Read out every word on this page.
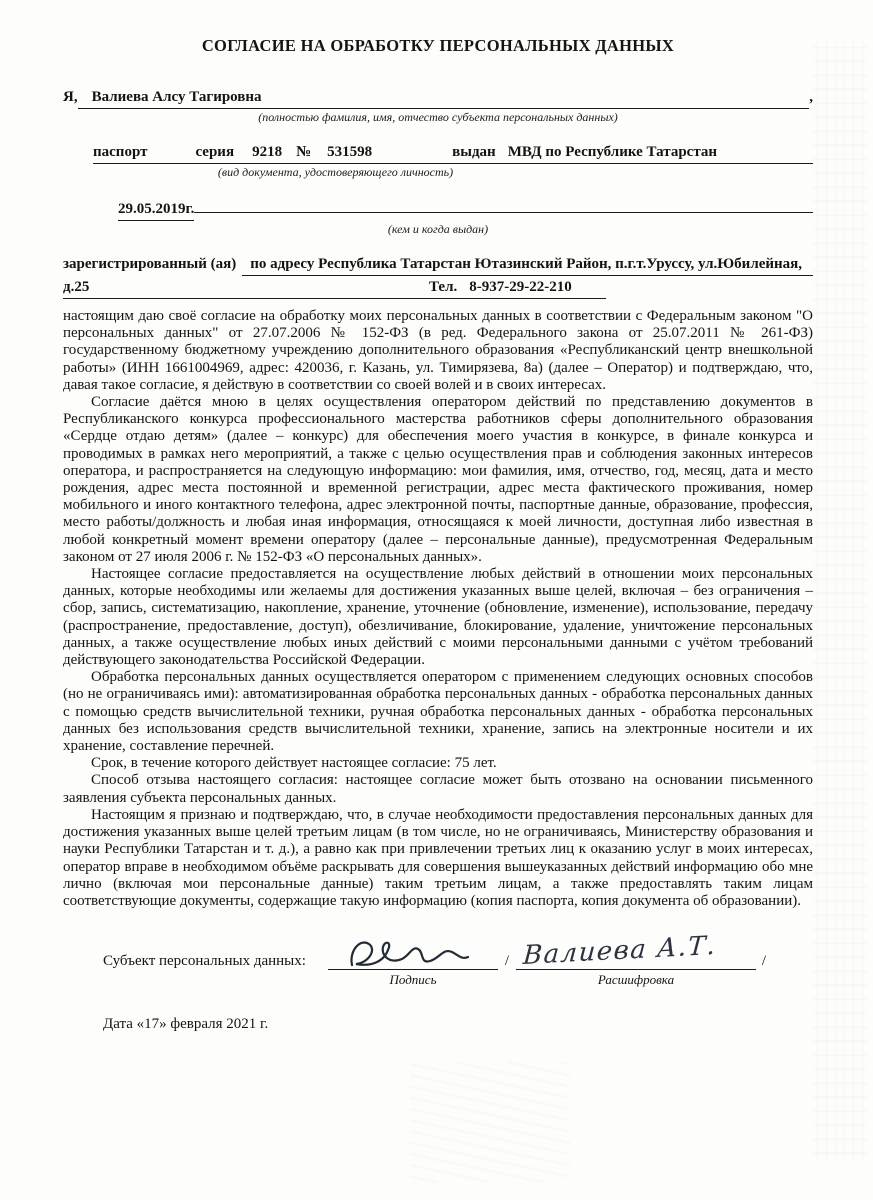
СОГЛАСИЕ НА ОБРАБОТКУ ПЕРСОНАЛЬНЫХ ДАННЫХ
Я, Валиева Алсу Тагировна	,
(полностью фамилия, имя, отчество субъекта персональных данных)
паспорт	серия 9218 № 531598	выдан МВД по Республике Татарстан
(вид документа, удостоверяющего личность)
29.05.2019г.
(кем и когда выдан)
зарегистрированный (ая) по адресу Республика Татарстан Ютазинский Район, п.г.т.Уруссу, ул.Юбилейная,
д.25	Тел. 8-937-29-22-210

настоящим даю своё согласие на обработку моих персональных данных в соответствии с Федеральным законом "О персональных данных" от 27.07.2006 № 152-ФЗ (в ред. Федерального закона от 25.07.2011 № 261-ФЗ) государственному бюджетному учреждению дополнительного образования «Республиканский центр внешкольной работы» (ИНН 1661004969, адрес: 420036, г. Казань, ул. Тимирязева, 8а) (далее – Оператор) и подтверждаю, что, давая такое согласие, я действую в соответствии со своей волей и в своих интересах.

Согласие даётся мною в целях осуществления оператором действий по представлению документов в Республиканского конкурса профессионального мастерства работников сферы дополнительного образования «Сердце отдаю детям» (далее – конкурс) для обеспечения моего участия в конкурсе, в финале конкурса и проводимых в рамках него мероприятий, а также с целью осуществления прав и соблюдения законных интересов оператора, и распространяется на следующую информацию: мои фамилия, имя, отчество, год, месяц, дата и место рождения, адрес места постоянной и временной регистрации, адрес места фактического проживания, номер мобильного и иного контактного телефона, адрес электронной почты, паспортные данные, образование, профессия, место работы/должность и любая иная информация, относящаяся к моей личности, доступная либо известная в любой конкретный момент времени оператору (далее – персональные данные), предусмотренная Федеральным законом от 27 июля 2006 г. № 152-ФЗ «О персональных данных».

Настоящее согласие предоставляется на осуществление любых действий в отношении моих персональных данных, которые необходимы или желаемы для достижения указанных выше целей, включая – без ограничения – сбор, запись, систематизацию, накопление, хранение, уточнение (обновление, изменение), использование, передачу (распространение, предоставление, доступ), обезличивание, блокирование, удаление, уничтожение персональных данных, а также осуществление любых иных действий с моими персональными данными с учётом требований действующего законодательства Российской Федерации.

Обработка персональных данных осуществляется оператором с применением следующих основных способов (но не ограничиваясь ими): автоматизированная обработка персональных данных - обработка персональных данных с помощью средств вычислительной техники, ручная обработка персональных данных - обработка персональных данных без использования средств вычислительной техники, хранение, запись на электронные носители и их хранение, составление перечней.

Срок, в течение которого действует настоящее согласие: 75 лет.

Способ отзыва настоящего согласия: настоящее согласие может быть отозвано на основании письменного заявления субъекта персональных данных.

Настоящим я признаю и подтверждаю, что, в случае необходимости предоставления персональных данных для достижения указанных выше целей третьим лицам (в том числе, но не ограничиваясь, Министерству образования и науки Республики Татарстан и т. д.), а равно как при привлечении третьих лиц к оказанию услуг в моих интересах, оператор вправе в необходимом объёме раскрывать для совершения вышеуказанных действий информацию обо мне лично (включая мои персональные данные) таким третьим лицам, а также предоставлять таким лицам соответствующие документы, содержащие такую информацию (копия паспорта, копия документа об образовании).

Субъект персональных данных:	/ Валиева А.Т.	/
Подпись	Расшифровка
Дата «17» февраля 2021 г.
